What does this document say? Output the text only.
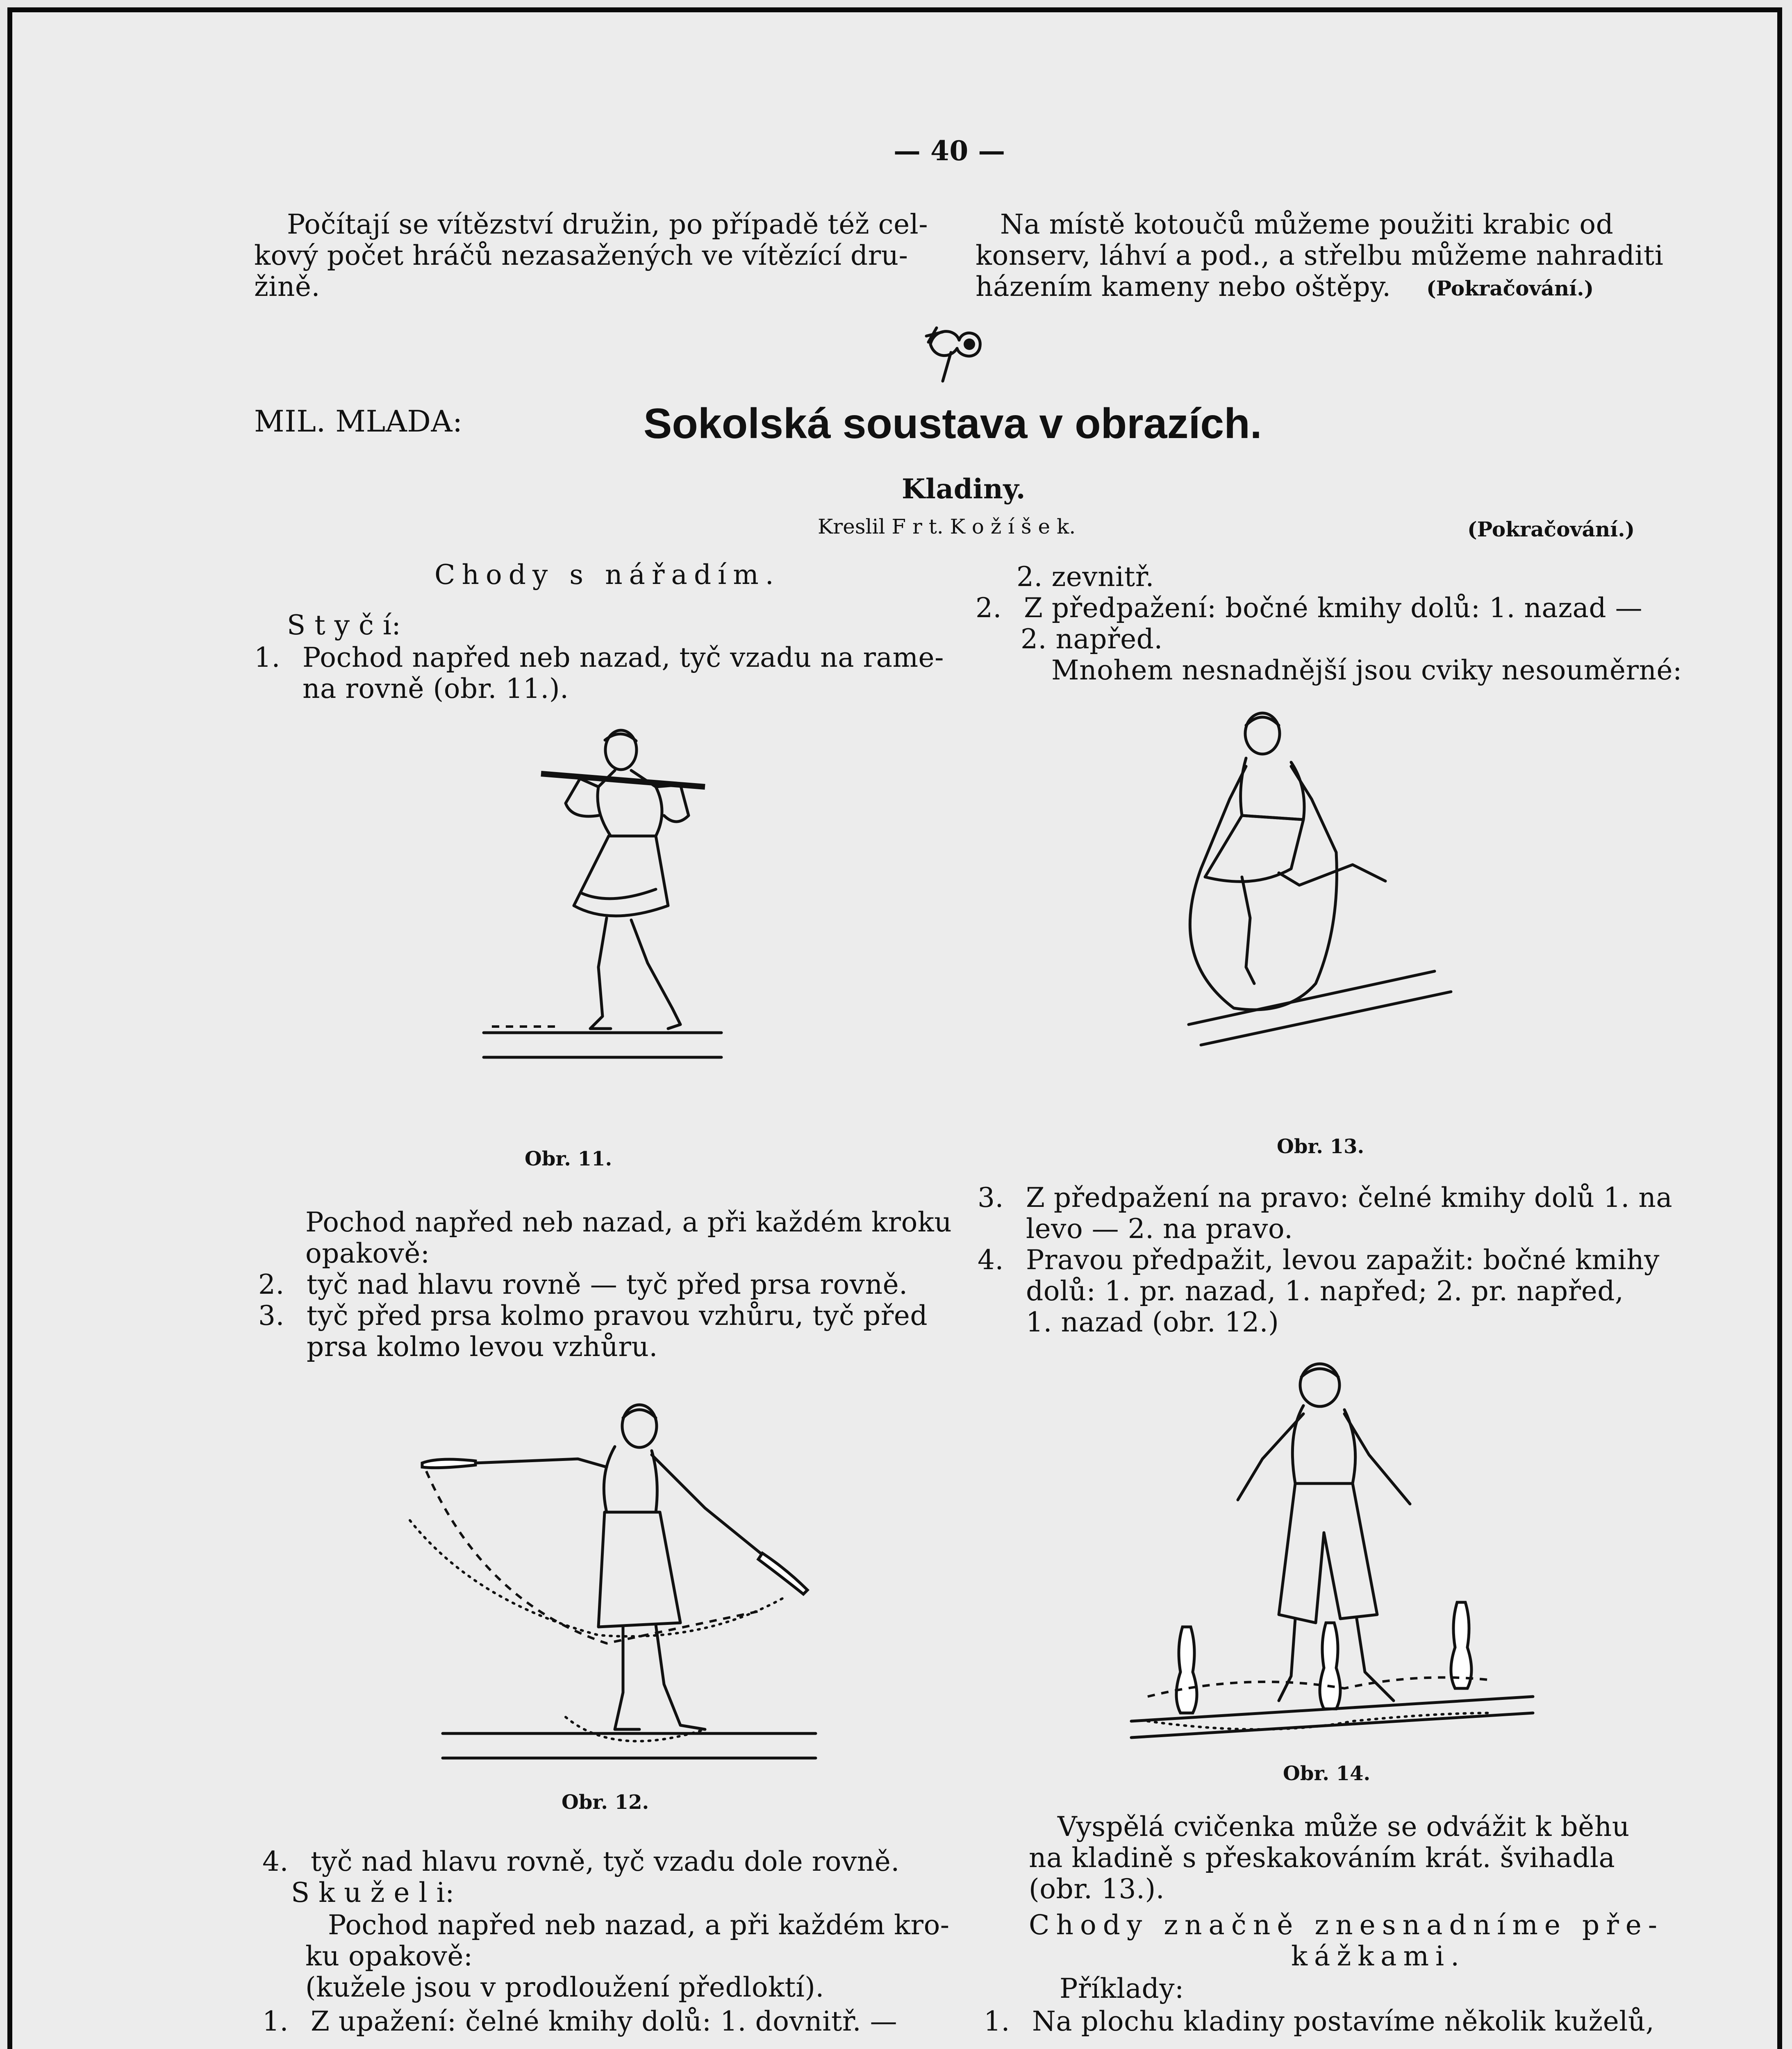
— 40 —
Počítají se vítězství družin, po případě též cel-
kový počet hráčů nezasažených ve vítězící dru-
žině.
Na místě kotoučů můžeme použiti krabic od
konserv, láhví a pod., a střelbu můžeme nahraditi
házením kameny nebo oštěpy. (Pokračování.)
MIL. MLADA:	Sokolská soustava v obrazích.
Kladiny.
Kreslil F r t. K o ž í š e k.	(Pokračování.)
Chody s nářadím.
S t y č í:
1. Pochod napřed neb nazad, tyč vzadu na rame-
na rovně (obr. 11.).
Obr. 11.
Pochod napřed neb nazad, a při každém kroku
opakově:
2. tyč nad hlavu rovně — tyč před prsa rovně.
3. tyč před prsa kolmo pravou vzhůru, tyč před
prsa kolmo levou vzhůru.
Obr. 12.
4. tyč nad hlavu rovně, tyč vzadu dole rovně.
S k u ž e l i:
Pochod napřed neb nazad, a při každém kro-
ku opakově:
(kužele jsou v prodloužení předloktí).
1. Z upažení: čelné kmihy dolů: 1. dovnitř. —
2. zevnitř.
2. Z předpažení: bočné kmihy dolů: 1. nazad —
2. napřed.
Mnohem nesnadnější jsou cviky nesouměrné:
Obr. 13.
3. Z předpažení na pravo: čelné kmihy dolů 1. na
levo — 2. na pravo.
4. Pravou předpažit, levou zapažit: bočné kmihy
dolů: 1. pr. nazad, 1. napřed; 2. pr. napřed,
1. nazad (obr. 12.)
Obr. 14.
Vyspělá cvičenka může se odvážit k běhu
na kladině s přeskakováním krát. švihadla
(obr. 13.).
Chody značně znesnadníme pře-
kážkami.
Příklady:
1. Na plochu kladiny postavíme několik kuželů,
